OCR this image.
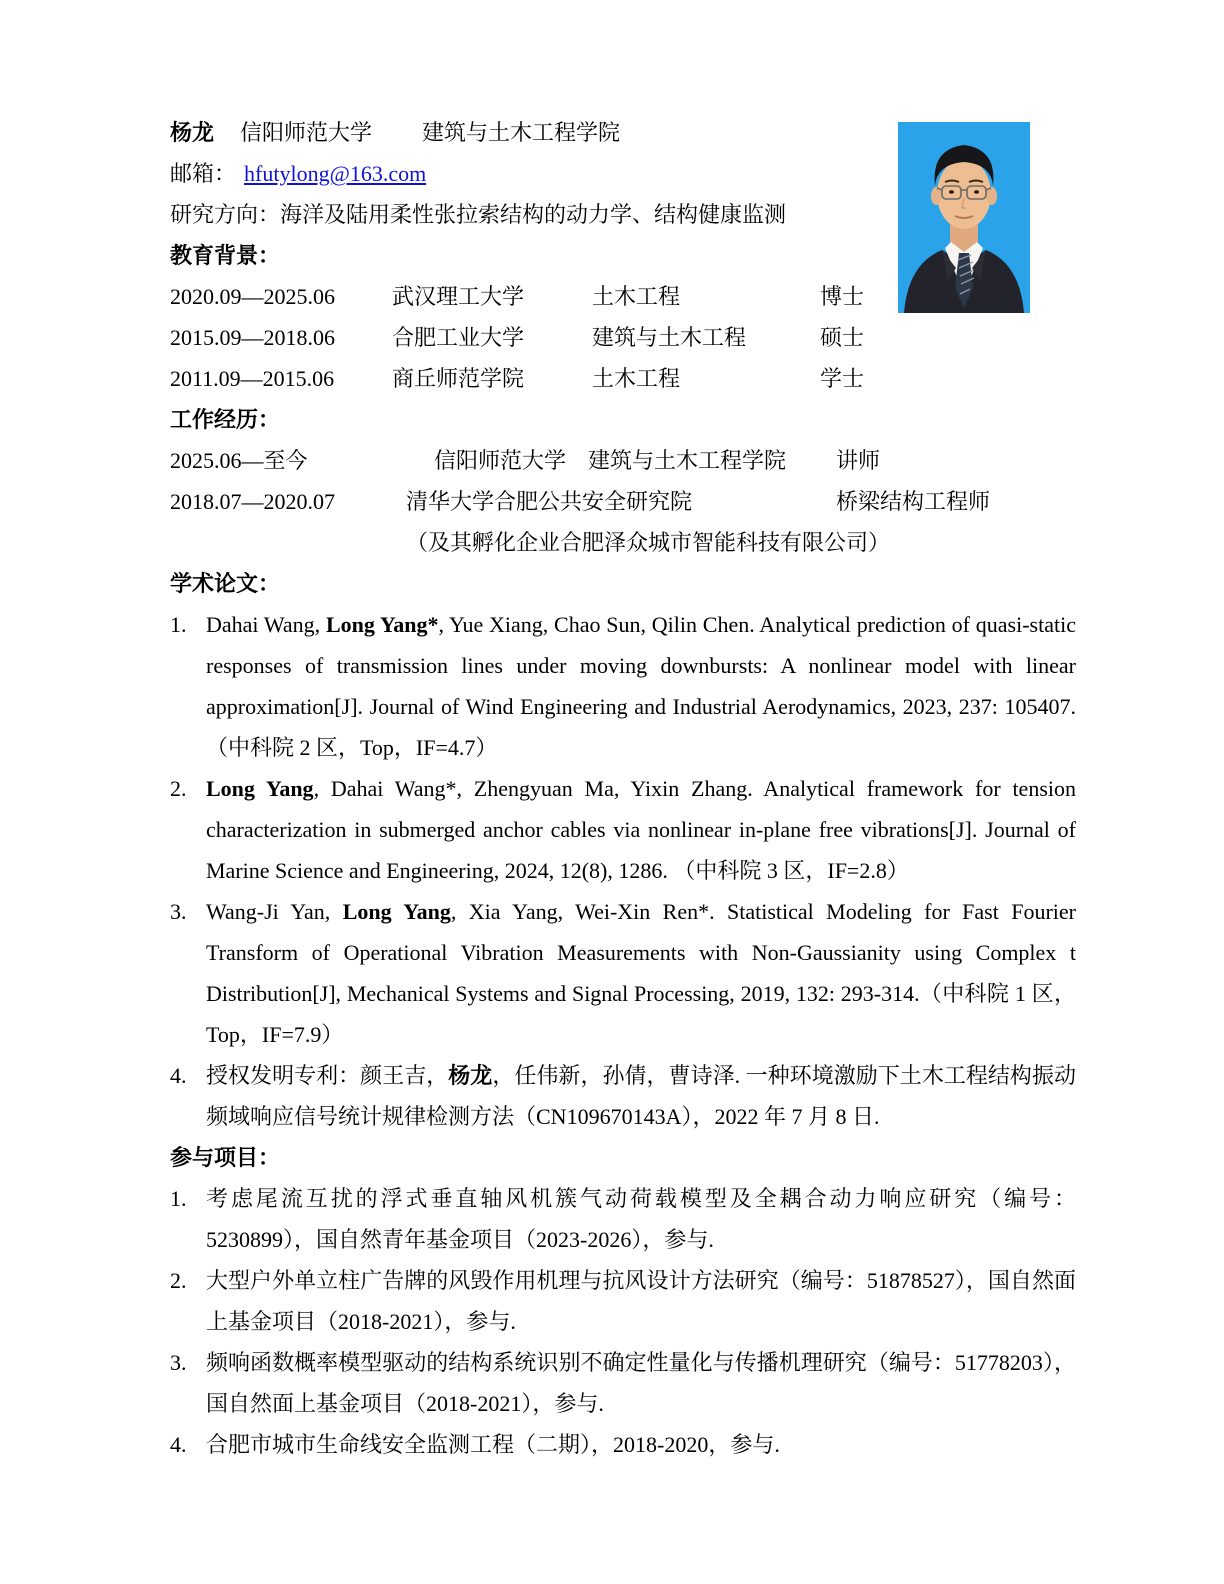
杨龙 信阳师范大学 建筑与土木工程学院
邮箱： hfutylong@163.com
研究方向：海洋及陆用柔性张拉索结构的动力学、结构健康监测
教育背景：
2020.09—2025.06	武汉理工大学	土木工程	博士
2015.09—2018.06	合肥工业大学	建筑与土木工程	硕士
2011.09—2015.06	商丘师范学院	土木工程	学士
工作经历：
2025.06—至今	信阳师范大学　建筑与土木工程学院	讲师
2018.07—2020.07	清华大学合肥公共安全研究院	桥梁结构工程师
（及其孵化企业合肥泽众城市智能科技有限公司）
学术论文：
1. Dahai Wang, Long Yang*, Yue Xiang, Chao Sun, Qilin Chen. Analytical prediction of quasi-static responses of transmission lines under moving downbursts: A nonlinear model with linear approximation[J]. Journal of Wind Engineering and Industrial Aerodynamics, 2023, 237: 105407. （中科院 2 区，Top，IF=4.7）
2. Long Yang, Dahai Wang*, Zhengyuan Ma, Yixin Zhang. Analytical framework for tension characterization in submerged anchor cables via nonlinear in-plane free vibrations[J]. Journal of Marine Science and Engineering, 2024, 12(8), 1286. （中科院 3 区，IF=2.8）
3. Wang-Ji Yan, Long Yang, Xia Yang, Wei-Xin Ren*. Statistical Modeling for Fast Fourier Transform of Operational Vibration Measurements with Non-Gaussianity using Complex t Distribution[J], Mechanical Systems and Signal Processing, 2019, 132: 293-314.（中科院 1 区，Top，IF=7.9）
4. 授权发明专利：颜王吉，杨龙，任伟新，孙倩，曹诗泽. 一种环境激励下土木工程结构振动频域响应信号统计规律检测方法（CN109670143A），2022 年 7 月 8 日.
参与项目：
1. 考虑尾流互扰的浮式垂直轴风机簇气动荷载模型及全耦合动力响应研究（编号：5230899），国自然青年基金项目（2023-2026），参与.
2. 大型户外单立柱广告牌的风毁作用机理与抗风设计方法研究（编号：51878527），国自然面上基金项目（2018-2021），参与.
3. 频响函数概率模型驱动的结构系统识别不确定性量化与传播机理研究（编号：51778203），国自然面上基金项目（2018-2021），参与.
4. 合肥市城市生命线安全监测工程（二期），2018-2020，参与.
